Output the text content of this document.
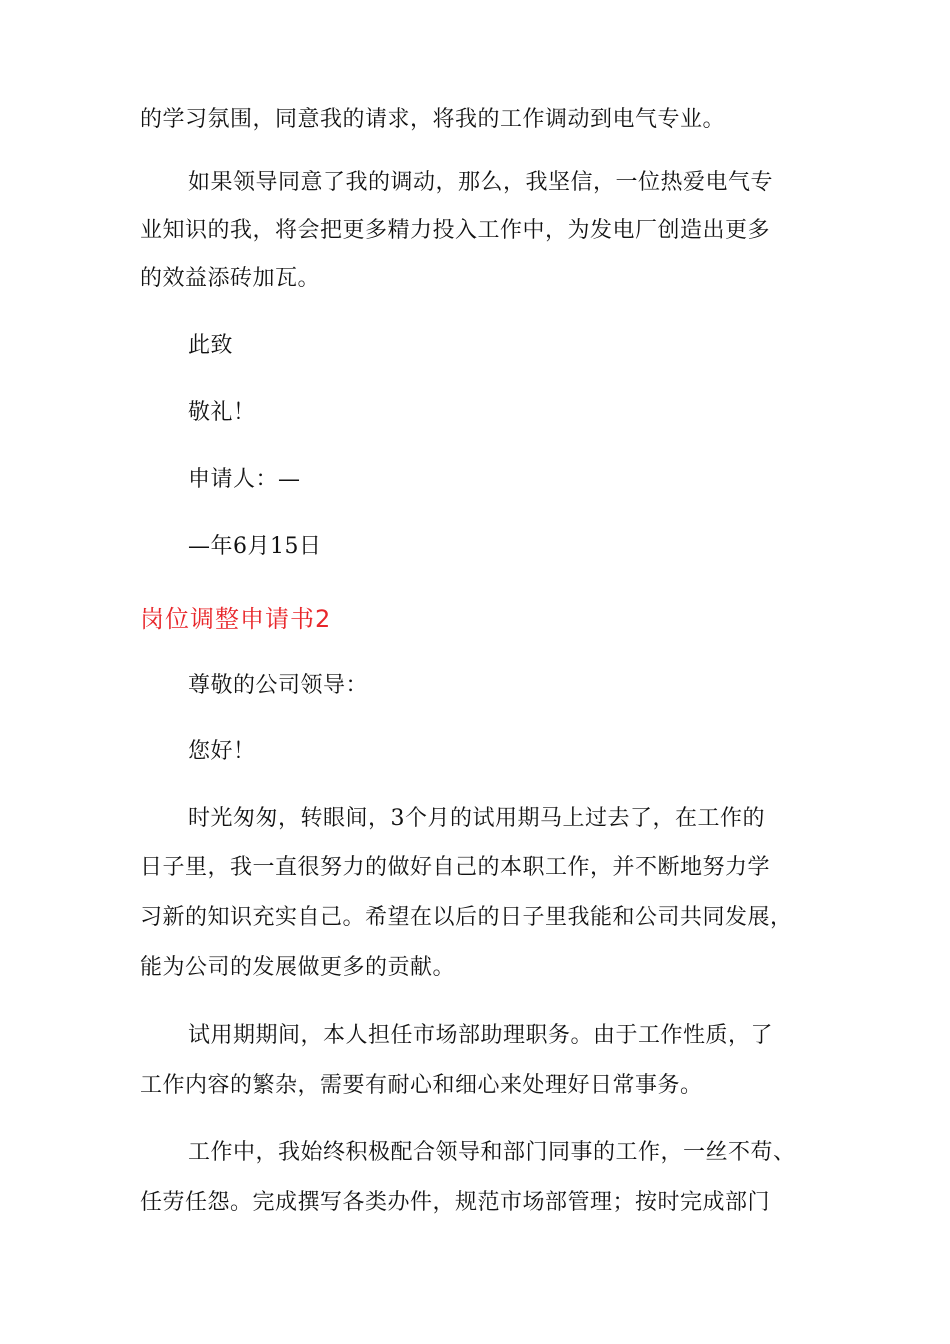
的学习氛围，同意我的请求，将我的工作调动到电气专业。
如果领导同意了我的调动，那么，我坚信，一位热爱电气专
业知识的我，将会把更多精力投入工作中，为发电厂创造出更多
的效益添砖加瓦。
此致
敬礼！
申请人：—
—年6月15日
岗位调整申请书2
尊敬的公司领导：
您好！
时光匆匆，转眼间，3个月的试用期马上过去了，在工作的
日子里，我一直很努力的做好自己的本职工作，并不断地努力学
习新的知识充实自己。希望在以后的日子里我能和公司共同发展，
能为公司的发展做更多的贡献。
试用期期间，本人担任市场部助理职务。由于工作性质，了
工作内容的繁杂，需要有耐心和细心来处理好日常事务。
工作中，我始终积极配合领导和部门同事的工作，一丝不苟、
任劳任怨。完成撰写各类办件，规范市场部管理；按时完成部门
